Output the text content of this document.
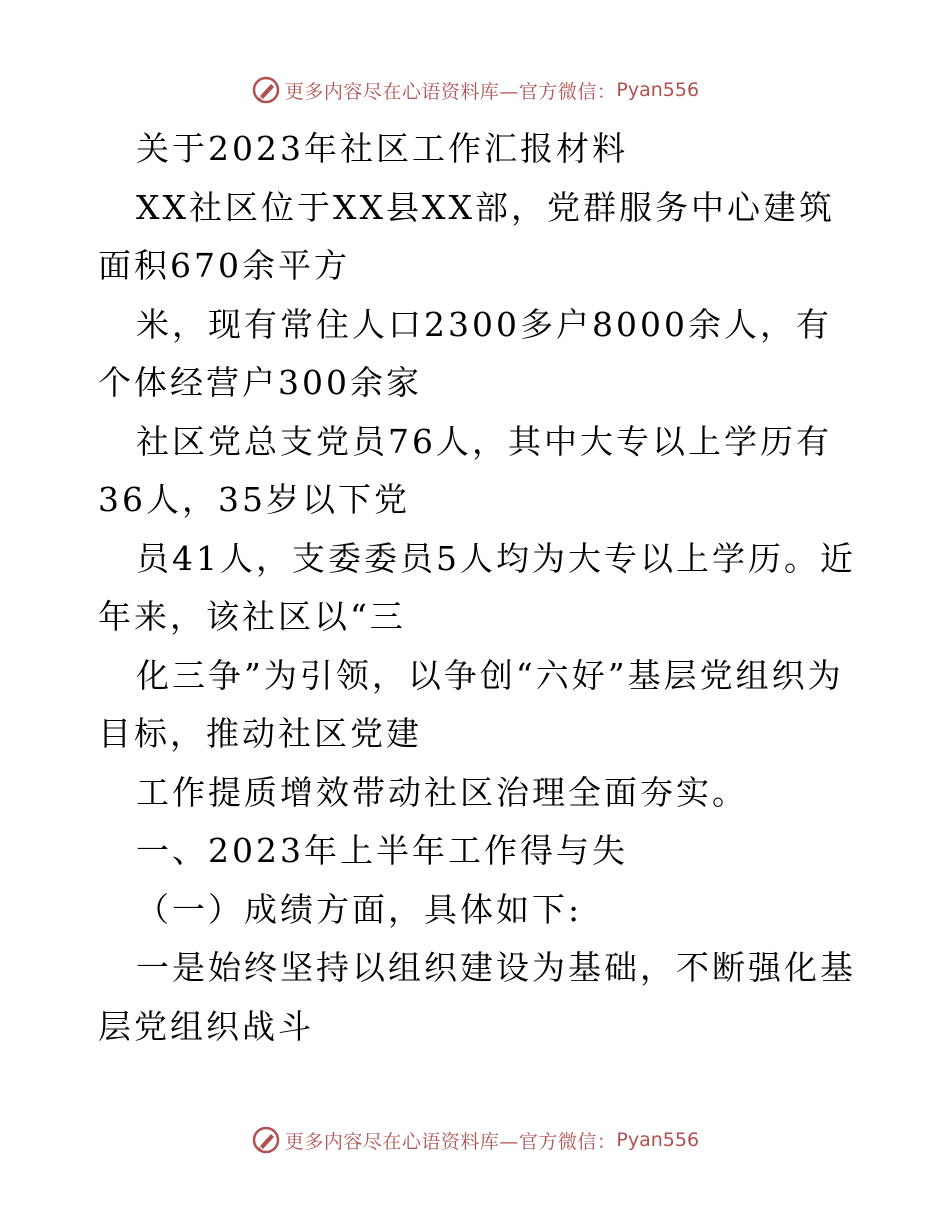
更多内容尽在心语资料库—官方微信： Pyan556

关于2023年社区工作汇报材料

XX社区位于XX县XX部，党群服务中心建筑面积670余平方

米，现有常住人口2300多户8000余人，有个体经营户300余家

社区党总支党员76人，其中大专以上学历有36人，35岁以下党

员41人，支委委员5人均为大专以上学历。近年来，该社区以“三

化三争”为引领，以争创“六好”基层党组织为目标，推动社区党建

工作提质增效带动社区治理全面夯实。

一、2023年上半年工作得与失

（一）成绩方面，具体如下:

一是始终坚持以组织建设为基础，不断强化基层党组织战斗

更多内容尽在心语资料库—官方微信： Pyan556
